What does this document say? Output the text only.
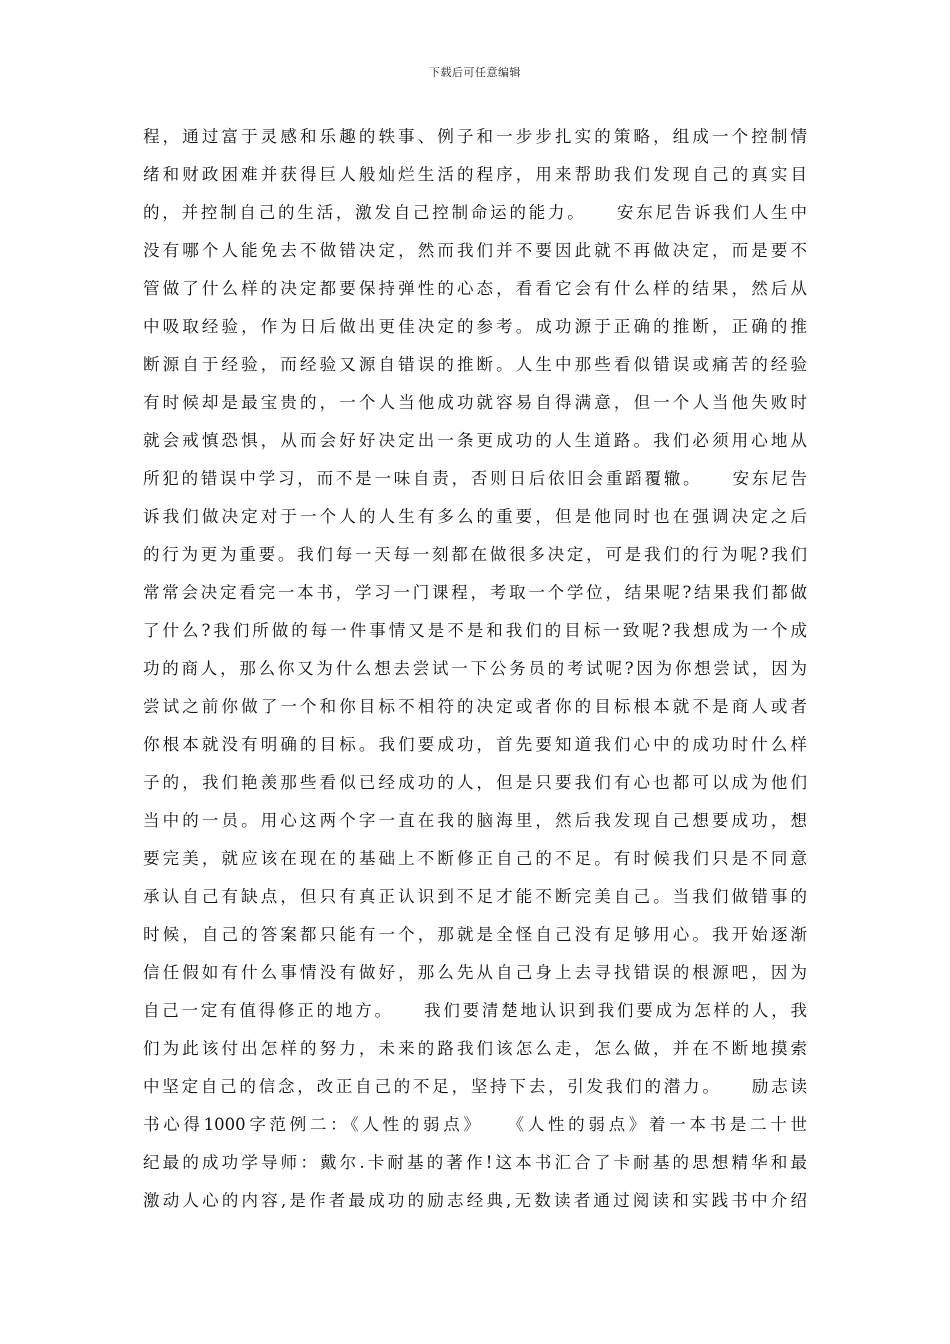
下载后可任意编辑
程，通过富于灵感和乐趣的轶事、例子和一步步扎实的策略，组成一个控制情
绪和财政困难并获得巨人般灿烂生活的程序，用来帮助我们发现自己的真实目
的，并控制自己的生活，激发自己控制命运的能力。　　安东尼告诉我们人生中
没有哪个人能免去不做错决定，然而我们并不要因此就不再做决定，而是要不
管做了什么样的决定都要保持弹性的心态，看看它会有什么样的结果，然后从
中吸取经验，作为日后做出更佳决定的参考。成功源于正确的推断，正确的推
断源自于经验，而经验又源自错误的推断。人生中那些看似错误或痛苦的经验
有时候却是最宝贵的，一个人当他成功就容易自得满意，但一个人当他失败时
就会戒慎恐惧，从而会好好决定出一条更成功的人生道路。我们必须用心地从
所犯的错误中学习，而不是一味自责，否则日后依旧会重蹈覆辙。　　安东尼告
诉我们做决定对于一个人的人生有多么的重要，但是他同时也在强调决定之后
的行为更为重要。我们每一天每一刻都在做很多决定，可是我们的行为呢?我们
常常会决定看完一本书，学习一门课程，考取一个学位，结果呢?结果我们都做
了什么?我们所做的每一件事情又是不是和我们的目标一致呢?我想成为一个成
功的商人，那么你又为什么想去尝试一下公务员的考试呢?因为你想尝试，因为
尝试之前你做了一个和你目标不相符的决定或者你的目标根本就不是商人或者
你根本就没有明确的目标。我们要成功，首先要知道我们心中的成功时什么样
子的，我们艳羡那些看似已经成功的人，但是只要我们有心也都可以成为他们
当中的一员。用心这两个字一直在我的脑海里，然后我发现自己想要成功，想
要完美，就应该在现在的基础上不断修正自己的不足。有时候我们只是不同意
承认自己有缺点，但只有真正认识到不足才能不断完美自己。当我们做错事的
时候，自己的答案都只能有一个，那就是全怪自己没有足够用心。我开始逐渐
信任假如有什么事情没有做好，那么先从自己身上去寻找错误的根源吧，因为
自己一定有值得修正的地方。　　我们要清楚地认识到我们要成为怎样的人，我
们为此该付出怎样的努力，未来的路我们该怎么走，怎么做，并在不断地摸索
中坚定自己的信念，改正自己的不足，坚持下去，引发我们的潜力。　　励志读
书心得1000字范例二：《人性的弱点》　　《人性的弱点》着一本书是二十世
纪最的成功学导师：戴尔.卡耐基的著作!这本书汇合了卡耐基的思想精华和最
激动人心的内容,是作者最成功的励志经典,无数读者通过阅读和实践书中介绍
